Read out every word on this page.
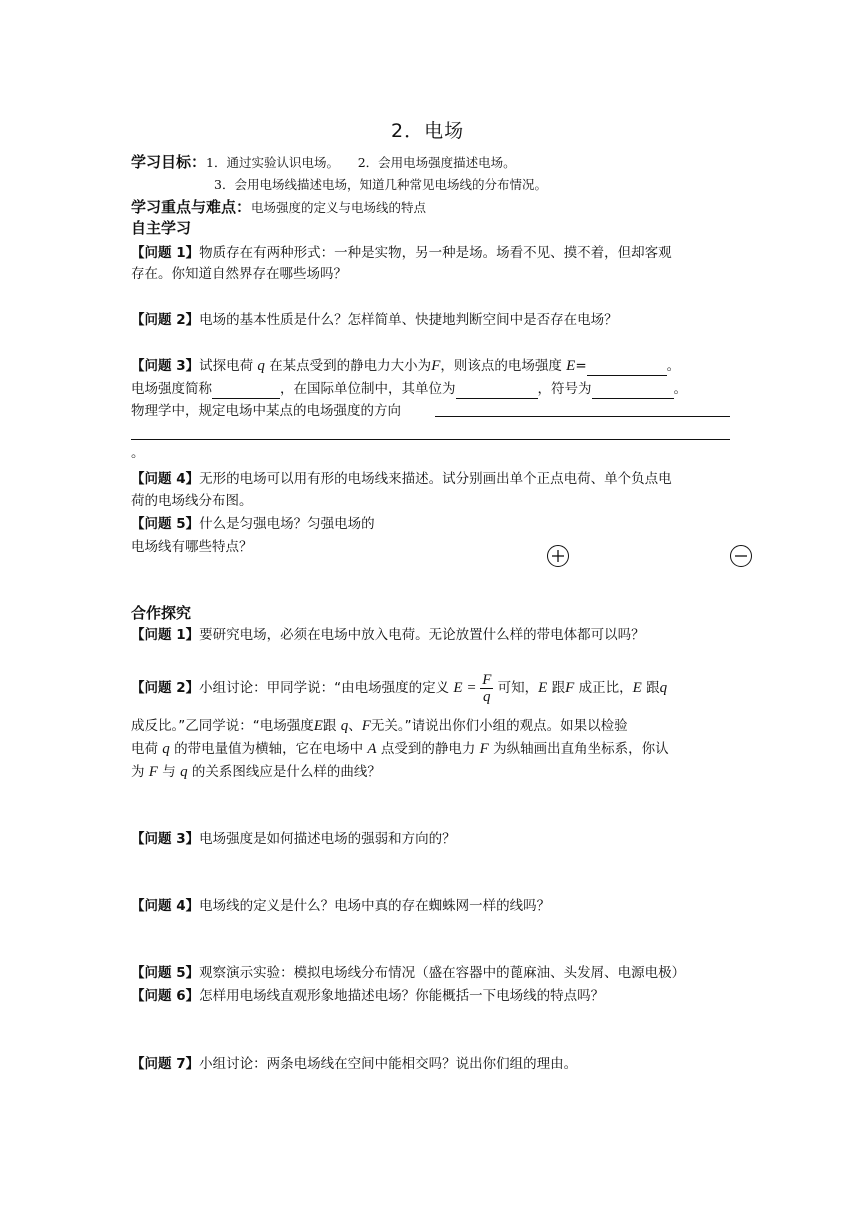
2．电场
学习目标：1．通过实验认识电场。　　2．会用电场强度描述电场。
3．会用电场线描述电场，知道几种常见电场线的分布情况。
学习重点与难点：电场强度的定义与电场线的特点
自主学习
【问题 1】物质存在有两种形式：一种是实物，另一种是场。场看不见、摸不着，但却客观
存在。你知道自然界存在哪些场吗？
【问题 2】电场的基本性质是什么？怎样简单、快捷地判断空间中是否存在电场？
【问题 3】试探电荷 q 在某点受到的静电力大小为F，则该点的电场强度 E=	。
电场强度简称	，在国际单位制中，其单位为	，符号为	。
物理学中，规定电场中某点的电场强度的方向
。
【问题 4】无形的电场可以用有形的电场线来描述。试分别画出单个正点电荷、单个负点电
荷的电场线分布图。
【问题 5】什么是匀强电场？匀强电场的
电场线有哪些特点？
合作探究
【问题 1】要研究电场，必须在电场中放入电荷。无论放置什么样的带电体都可以吗？
【问题 2】小组讨论：甲同学说：“由电场强度的定义 $E = \frac{F}{q}$ 可知，E 跟F 成正比，E 跟q
成反比。”乙同学说：“电场强度E跟 q、F无关。”请说出你们小组的观点。如果以检验
电荷 q 的带电量值为横轴，它在电场中 A 点受到的静电力 F 为纵轴画出直角坐标系，你认
为 F 与 q 的关系图线应是什么样的曲线？
【问题 3】电场强度是如何描述电场的强弱和方向的？
【问题 4】电场线的定义是什么？电场中真的存在蜘蛛网一样的线吗？
【问题 5】观察演示实验：模拟电场线分布情况（盛在容器中的蓖麻油、头发屑、电源电极）
【问题 6】怎样用电场线直观形象地描述电场？你能概括一下电场线的特点吗？
【问题 7】小组讨论：两条电场线在空间中能相交吗？说出你们组的理由。
